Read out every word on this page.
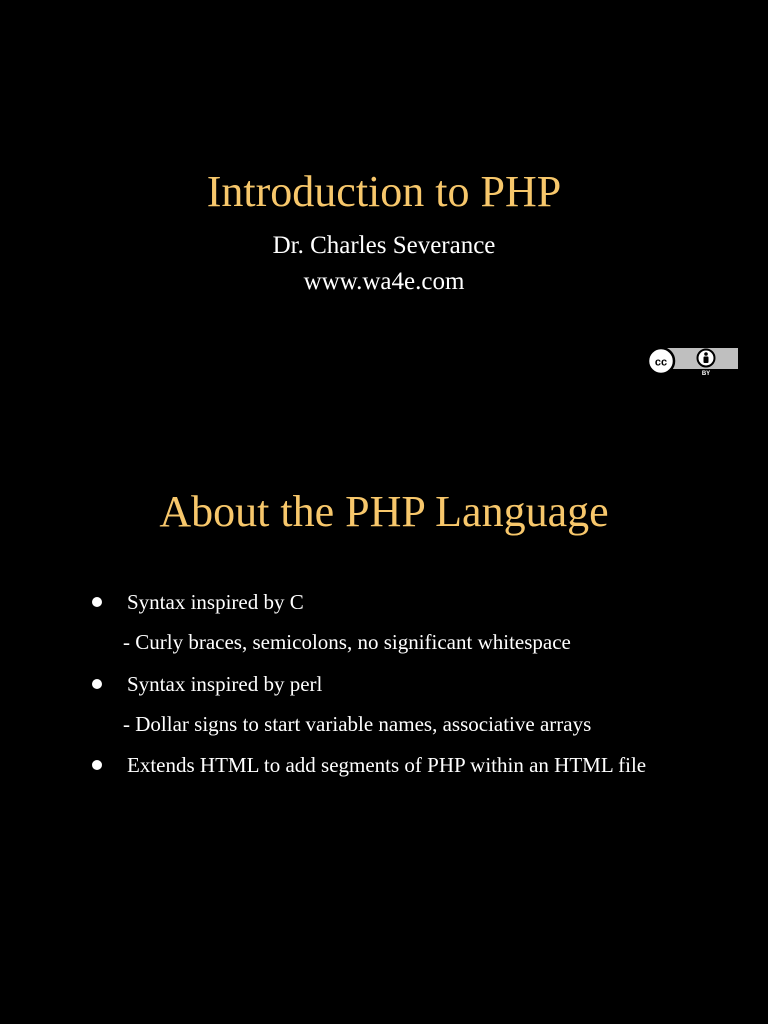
Introduction to PHP
Dr. Charles Severance
www.wa4e.com
cc
BY
About the PHP Language
Syntax inspired by C
- Curly braces, semicolons, no significant whitespace
Syntax inspired by perl
- Dollar signs to start variable names, associative arrays
Extends HTML to add segments of PHP within an HTML file
